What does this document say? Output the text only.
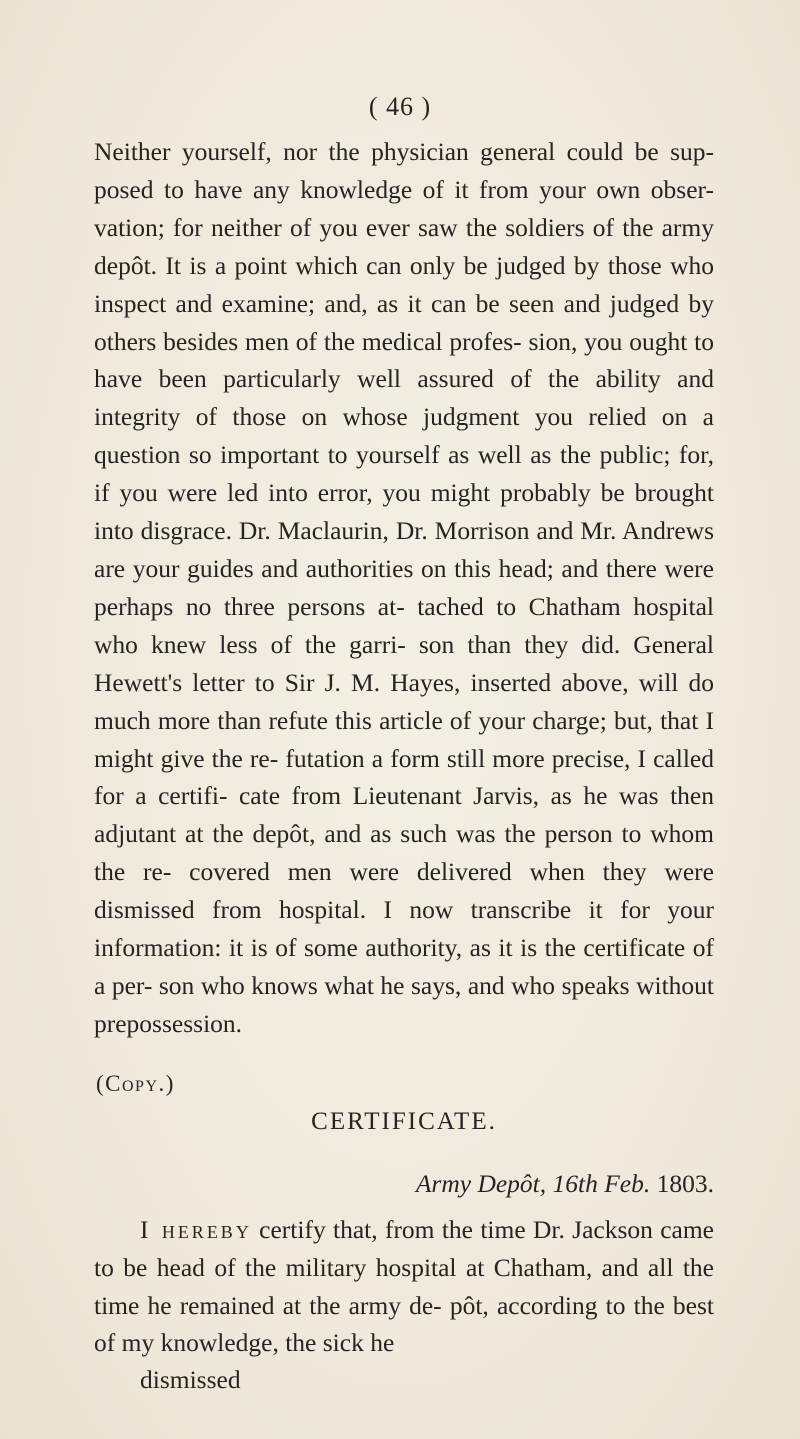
( 46 )

Neither yourself, nor the physician general could be sup- posed to have any knowledge of it from your own obser- vation; for neither of you ever saw the soldiers of the army depôt. It is a point which can only be judged by those who inspect and examine; and, as it can be seen and judged by others besides men of the medical profes- sion, you ought to have been particularly well assured of the ability and integrity of those on whose judgment you relied on a question so important to yourself as well as the public; for, if you were led into error, you might probably be brought into disgrace. Dr. Maclaurin, Dr. Morrison and Mr. Andrews are your guides and authorities on this head; and there were perhaps no three persons at- tached to Chatham hospital who knew less of the garri- son than they did. General Hewett's letter to Sir J. M. Hayes, inserted above, will do much more than refute this article of your charge; but, that I might give the re- futation a form still more precise, I called for a certifi- cate from Lieutenant Jarvis, as he was then adjutant at the depôt, and as such was the person to whom the re- covered men were delivered when they were dismissed from hospital. I now transcribe it for your information: it is of some authority, as it is the certificate of a per- son who knows what he says, and who speaks without prepossession.

(Copy.)
CERTIFICATE.
Army Depôt, 16th Feb. 1803.

I hereby certify that, from the time Dr. Jackson came to be head of the military hospital at Chatham, and all the time he remained at the army de- pôt, according to the best of my knowledge, the sick he

dismissed
